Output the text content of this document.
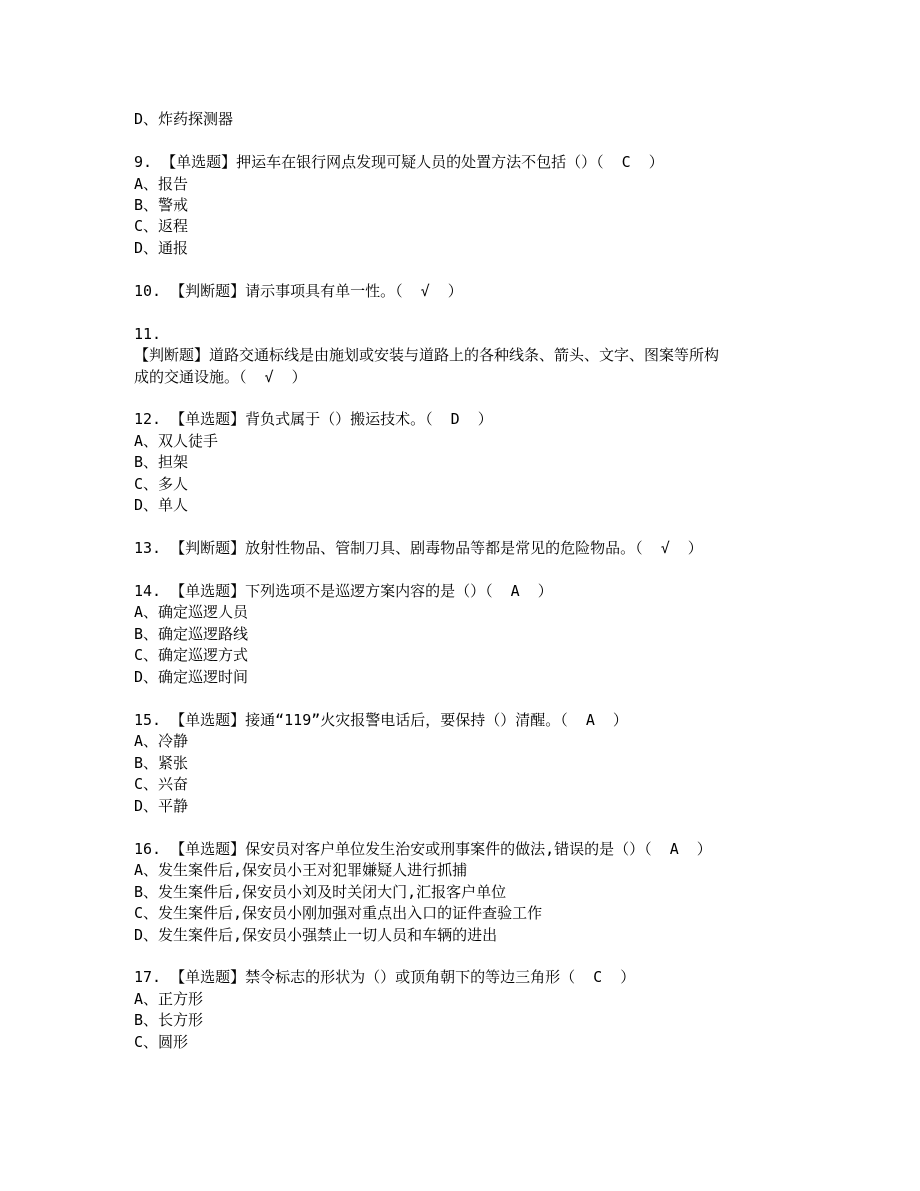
D、炸药探测器
9. 【单选题】押运车在银行网点发现可疑人员的处置方法不包括（）（  C  ）
A、报告
B、警戒
C、返程
D、通报
10. 【判断题】请示事项具有单一性。（  √  ）
11.
【判断题】道路交通标线是由施划或安装与道路上的各种线条、箭头、文字、图案等所构
成的交通设施。（  √  ）
12. 【单选题】背负式属于（）搬运技术。（  D  ）
A、双人徒手
B、担架
C、多人
D、单人
13. 【判断题】放射性物品、管制刀具、剧毒物品等都是常见的危险物品。（  √  ）
14. 【单选题】下列选项不是巡逻方案内容的是（）（  A  ）
A、确定巡逻人员
B、确定巡逻路线
C、确定巡逻方式
D、确定巡逻时间
15. 【单选题】接通“119”火灾报警电话后，要保持（）清醒。（  A  ）
A、冷静
B、紧张
C、兴奋
D、平静
16. 【单选题】保安员对客户单位发生治安或刑事案件的做法,错误的是（）（  A  ）
A、发生案件后,保安员小王对犯罪嫌疑人进行抓捕
B、发生案件后,保安员小刘及时关闭大门,汇报客户单位
C、发生案件后,保安员小刚加强对重点出入口的证件查验工作
D、发生案件后,保安员小强禁止一切人员和车辆的进出
17. 【单选题】禁令标志的形状为（）或顶角朝下的等边三角形（  C  ）
A、正方形
B、长方形
C、圆形
